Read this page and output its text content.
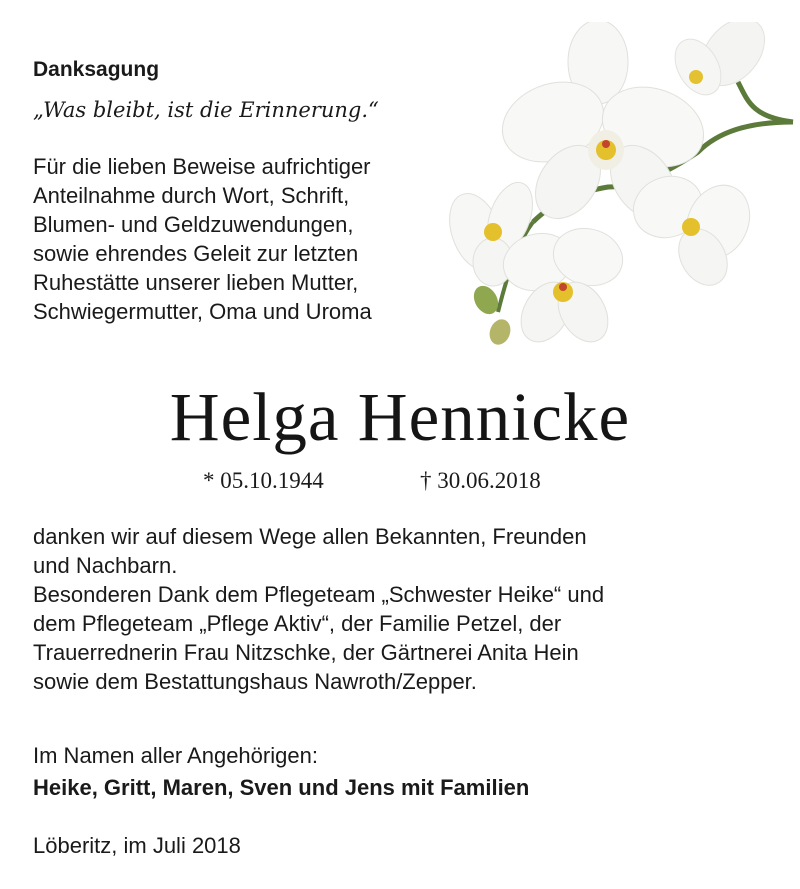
Danksagung
„Was bleibt, ist die Erinnerung.“
Für die lieben Beweise aufrichtiger
Anteilnahme durch Wort, Schrift,
Blumen- und Geldzuwendungen,
sowie ehrendes Geleit zur letzten
Ruhestätte unserer lieben Mutter,
Schwiegermutter, Oma und Uroma
Helga Hennicke
* 05.10.1944	† 30.06.2018
danken wir auf diesem Wege allen Bekannten, Freunden
und Nachbarn.
Besonderen Dank dem Pflegeteam „Schwester Heike“ und
dem Pflegeteam „Pflege Aktiv“, der Familie Petzel, der
Trauerrednerin Frau Nitzschke, der Gärtnerei Anita Hein
sowie dem Bestattungshaus Nawroth/Zepper.
Im Namen aller Angehörigen:
Heike, Gritt, Maren, Sven und Jens mit Familien
Löberitz, im Juli 2018
